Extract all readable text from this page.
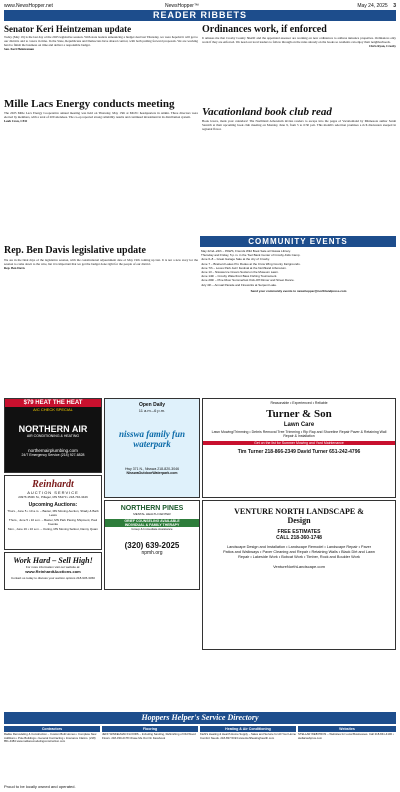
www.NewsHopper.net	NewsHopper™	May 24, 2025 3
READER RIBBETS
Senator Keri Heintzeman update
Today (May 19) is the last day of the 2025 legislative session. With state leaders announcing a budget deal last Thursday, we were hopeful it will get to our districts and to voters in time. In the State, Republicans and Democrats have shared control, with both putting forward proposals. We are working hard to finish the business on time and deliver a responsible budget.
Sen. Keri Heintzeman
Ordinances work, if enforced
It amuses me that Crosby County Sheriff and the appointed assessor are working on new ordinances to address nuisance properties. Ordinances only work if they are enforced. We need our local leaders to follow through on the rules already on the books so residents can enjoy their neighborhoods.
Chris Ryan, Crosby
Mille Lacs Energy conducts meeting
The 2025 Mille Lacs Energy Cooperative annual meeting was held on Thursday, May 15th at MLEC headquarters in Aitkin. Three directors were elected by members, with a total of 209 attendees. The co-op reported strong reliability results and continued investment in its distribution system.
Leah Cron, CEO
Vacationland book club read
Book lovers, mark your calendars! The Northland Arboretum invites readers to escape into the pages of Vacationland by Minnesota author Sarah Stonich at their upcoming book club meeting on Monday, June 9, from 5 to 6:30 p.m. This month's selection promises a rich discussion steeped in regional flavor.
Rep. Ben Davis legislative update
We are in the final days of the legislative session, with the constitutional adjournment date of May 19th coming up fast. It is not a new story for the session to come down to the wire, but it is important that we get the budget done right for the people of our district.
Rep. Ben Davis
COMMUNITY EVENTS
May 22nd–24th – PAWS, Friends Wild Book Sale at Nisswa Library.
Thursday and Friday, 5 p.m. in the Tool Bank Center of Crosby-Kids Camp.
June 6–8 – Great Garage Sale at the city of Crosby.
June 7 – Brainerd Lakes Pro Rodeo at the Crow Wing County Fairgrounds.
June 7th – Loves Park Jazz Festival at the Northland Arboretum.
June 13 – Nisswa Ice Cream Social on the Museum Lawn.
June 14th – Crosby Waterfront Bass Fishing Tournament.
June 20th – Pine River Summerfest Kick-Off Dinner and Street Dance.
July 4th – Annual Parade and Fireworks at Serpent Lake.
Send your community events to newshopper@northlandpress.com
$79 HEAT THE HEAT
A/C CHECK SPECIAL
NORTHERN AIR
AIR CONDITIONING & HEATING
northernairplumbing.com
24/7 Emergency Service (218) 927-6828
Reinhardt
AUCTION SERVICE
24976 450th St., Pillager, MN 56473 • 218-746-3426
Upcoming Auctions:
Thurs., June 5 • 10 a.m. – Baxter, MN Moving Auction, Shady & Barb Lewis
Thurs., June 5 • 10 a.m. – Baxter, MN Park Paving Shipment, Paul Koenke
Mon., June 16 • 10 a.m. – Outing, MN Moving Sellout, Danny Quam
Work Hard – Sell High!
For more information visit our website at:
www.ReinhardtAuctions.com
Contact us today to discuss your auction options 218-945-3360
Open Daily
11 a.m.–6 p.m.
nisswa family fun waterpark
Hwy 371 N., Nisswa 218-820-3046
NisswaOutdoorWaterpark.com
NORTHERN PINES
MENTAL HEALTH CENTER
GRIEF COUNSELING AVAILABLE
INDIVIDUAL & FAMILY THERAPY
Group & Immediate Assistance
(320) 639-2025
npmh.org
Reasonable • Experienced • Reliable
Turner & Son
Lawn Care
Lawn Mowing/Trimming • Debris Removal Tree Trimming • Rip Rap and Shoreline Repair Paver & Retaining Wall Repair & Installation
Get on the list for Summer Mowing and Yard Maintenance
Tim Turner 218-866-2349 David Turner 651-242-4796
VENTURE NORTH LANDSCAPE & Design
FREE ESTIMATES
CALL 218-360-1748
Landscape Design and Installation • Landscape Remodel • Landscape Repair • Paver Patios and Walkways • Paver Cleaning and Repair • Retaining Walls • Black Dirt and Lawn Repair • Lakeside Work • Bobcat Work • Timber, Rock and Boulder Work
VentureNorthLandscape.com
Hoppers Helper's Service Directory
Contractors	Flooring	Heating & Air Conditioning	Websites
Radke Remodeling & Construction – Custom Built Homes • Complete New Additions • Pole Buildings • General Contracting • Insurance Claims. (218) 851-4484 www.radkeremodelingconstruction.com
JEFF WINKELMAN FLOORS – Including Sanding, Refinishing of Old Wood Floors. 218-330-2178 Chase Me Out On Facebook
Kiehl's Heating & Hearth Home Supply – Sales and Service for All Your Home Comfort Needs. 218-837-5193 www.kiehlheatinghearth.com
STELLAR WEB PROS – Websites for Local Businesses. Call 218-841-4100 • stellarwebpros.com
Proud to be locally owned and operated.
